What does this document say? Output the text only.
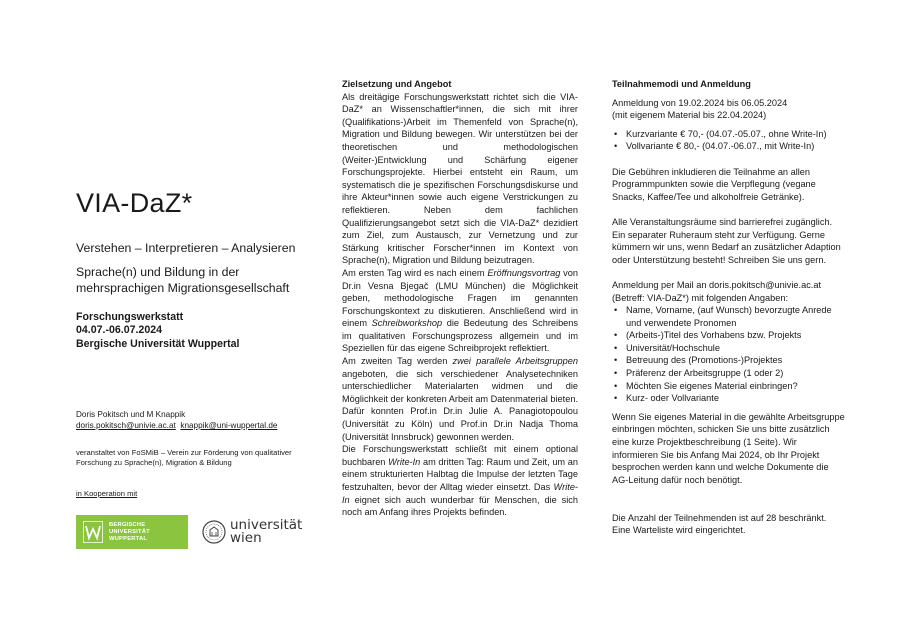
VIA-DaZ*
Verstehen – Interpretieren – Analysieren
Sprache(n) und Bildung in der mehrsprachigen Migrationsgesellschaft
Forschungswerkstatt
04.07.-06.07.2024
Bergische Universität Wuppertal
Doris Pokitsch und M Knappik
doris.pokitsch@univie.ac.at knappik@uni-wuppertal.de
veranstaltet von FoSMiB – Verein zur Förderung von qualitativer Forschung zu Sprache(n), Migration & Bildung
in Kooperation mit
BERGISCHE
UNIVERSITÄT
WUPPERTAL
universität
wien
Zielsetzung und Angebot

Als dreitägige Forschungswerkstatt richtet sich die VIA-DaZ* an Wissenschaftler*innen, die sich mit ihrer (Qualifikations-)Arbeit im Themenfeld von Sprache(n), Migration und Bildung bewegen. Wir unterstützen bei der theoretischen und methodologischen (Weiter-)Entwicklung und Schärfung eigener Forschungsprojekte. Hierbei entsteht ein Raum, um systematisch die je spezifischen Forschungsdiskurse und ihre Akteur*innen sowie auch eigene Verstrickungen zu reflektieren. Neben dem fachlichen Qualifizierungsangebot setzt sich die VIA-DaZ* dezidiert zum Ziel, zum Austausch, zur Vernetzung und zur Stärkung kritischer Forscher*innen im Kontext von Sprache(n), Migration und Bildung beizutragen.

Am ersten Tag wird es nach einem Eröffnungsvortrag von Dr.in Vesna Bjegač (LMU München) die Möglichkeit geben, methodologische Fragen im genannten Forschungskontext zu diskutieren. Anschließend wird in einem Schreibworkshop die Bedeutung des Schreibens im qualitativen Forschungsprozess allgemein und im Speziellen für das eigene Schreibprojekt reflektiert.

Am zweiten Tag werden zwei parallele Arbeitsgruppen angeboten, die sich verschiedener Analysetechniken unterschiedlicher Materialarten widmen und die Möglichkeit der konkreten Arbeit am Datenmaterial bieten. Dafür konnten Prof.in Dr.in Julie A. Panagiotopoulou (Universität zu Köln) und Prof.in Dr.in Nadja Thoma (Universität Innsbruck) gewonnen werden.

Die Forschungswerkstatt schließt mit einem optional buchbaren Write-In am dritten Tag: Raum und Zeit, um an einem strukturierten Halbtag die Impulse der letzten Tage festzuhalten, bevor der Alltag wieder einsetzt. Das Write-In eignet sich auch wunderbar für Menschen, die sich noch am Anfang ihres Projekts befinden.

Teilnahmemodi und Anmeldung

Anmeldung von 19.02.2024 bis 06.05.2024

(mit eigenem Material bis 22.04.2024)

• Kurzvariante € 70,- (04.07.-05.07., ohne Write-In)
• Vollvariante € 80,- (04.07.-06.07., mit Write-In)

Die Gebühren inkludieren die Teilnahme an allen Programmpunkten sowie die Verpflegung (vegane Snacks, Kaffee/Tee und alkoholfreie Getränke).

Alle Veranstaltungsräume sind barrierefrei zugänglich. Ein separater Ruheraum steht zur Verfügung. Gerne kümmern wir uns, wenn Bedarf an zusätzlicher Adaption oder Unterstützung besteht! Schreiben Sie uns gern.

Anmeldung per Mail an doris.pokitsch@univie.ac.at

(Betreff: VIA-DaZ*) mit folgenden Angaben:

• Name, Vorname, (auf Wunsch) bevorzugte Anrede und verwendete Pronomen
• (Arbeits-)Titel des Vorhabens bzw. Projekts
• Universität/Hochschule
• Betreuung des (Promotions-)Projektes
• Präferenz der Arbeitsgruppe (1 oder 2)
• Möchten Sie eigenes Material einbringen?
• Kurz- oder Vollvariante

Wenn Sie eigenes Material in die gewählte Arbeitsgruppe einbringen möchten, schicken Sie uns bitte zusätzlich eine kurze Projektbeschreibung (1 Seite). Wir informieren Sie bis Anfang Mai 2024, ob Ihr Projekt besprochen werden kann und welche Dokumente die AG-Leitung dafür noch benötigt.

Die Anzahl der Teilnehmenden ist auf 28 beschränkt. Eine Warteliste wird eingerichtet.
